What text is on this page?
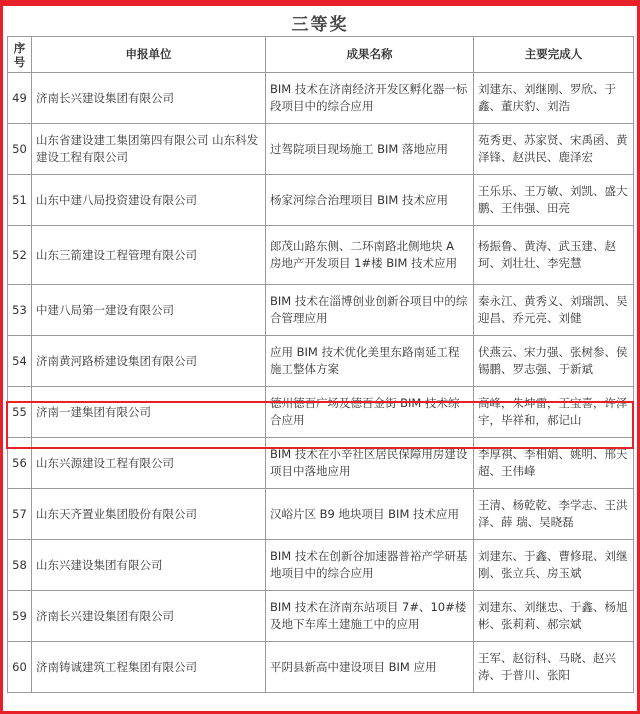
三等奖
序
号	申报单位	成果名称	主要完成人
49	济南长兴建设集团有限公司	BIM 技术在济南经济开发区孵化器一标段项目中的综合应用	刘建东、刘继刚、罗欣、于鑫、董庆豹、刘浩
50	山东省建设建工集团第四有限公司 山东科发建设工程有限公司	过驾院项目现场施工 BIM 落地应用	苑秀更、苏家贤、宋禹函、黄泽锋、赵洪民、鹿泽宏
51	山东中建八局投资建设有限公司	杨家河综合治理项目 BIM 技术应用	王乐乐、王万敏、刘凯、盛大鹏、王伟强、田亮
52	山东三箭建设工程管理有限公司	郎茂山路东侧、二环南路北侧地块 A 房地产开发项目 1#楼 BIM 技术应用	杨振鲁、黄涛、武玉建、赵珂、刘壮壮、李宪慧
53	中建八局第一建设有限公司	BIM 技术在淄博创业创新谷项目中的综合管理应用	秦永江、黄秀义、刘瑞凯、吴迎昌、乔元亮、刘健
54	济南黄河路桥建设集团有限公司	应用 BIM 技术优化美里东路南延工程施工整体方案	伏燕云、宋力强、张树参、侯锡鹏、罗志强、于新斌
55	济南一建集团有限公司	德州德百广场及德百金街 BIM 技术综合应用	高峰，朱坤雷，王宝喜，许泽宇，毕祥和，郝记山
56	山东兴源建设工程有限公司	BIM 技术在小辛社区居民保障用房建设项目中落地应用	李厚祺、李相娟、姚明、邢天超、王伟峰
57	山东天齐置业集团股份有限公司	汉峪片区 B9 地块项目 BIM 技术应用	王清、杨乾乾、李学志、王洪泽、薛 瑞、吴晓磊
58	山东兴建设集团有限公司	BIM 技术在创新谷加速器普裕产学研基地项目中的综合应用	刘建东、于鑫、曹修琨、刘继刚、张立兵、房玉斌
59	济南长兴建设集团有限公司	BIM 技术在济南东站项目 7#、10#楼及地下车库土建施工中的应用	刘建东、刘继忠、于鑫、杨旭彬、张莉莉、郝宗斌
60	济南铸诚建筑工程集团有限公司	平阴县新高中建设项目 BIM 应用	王军、赵衍科、马晓、赵兴涛、于普川、张阳
